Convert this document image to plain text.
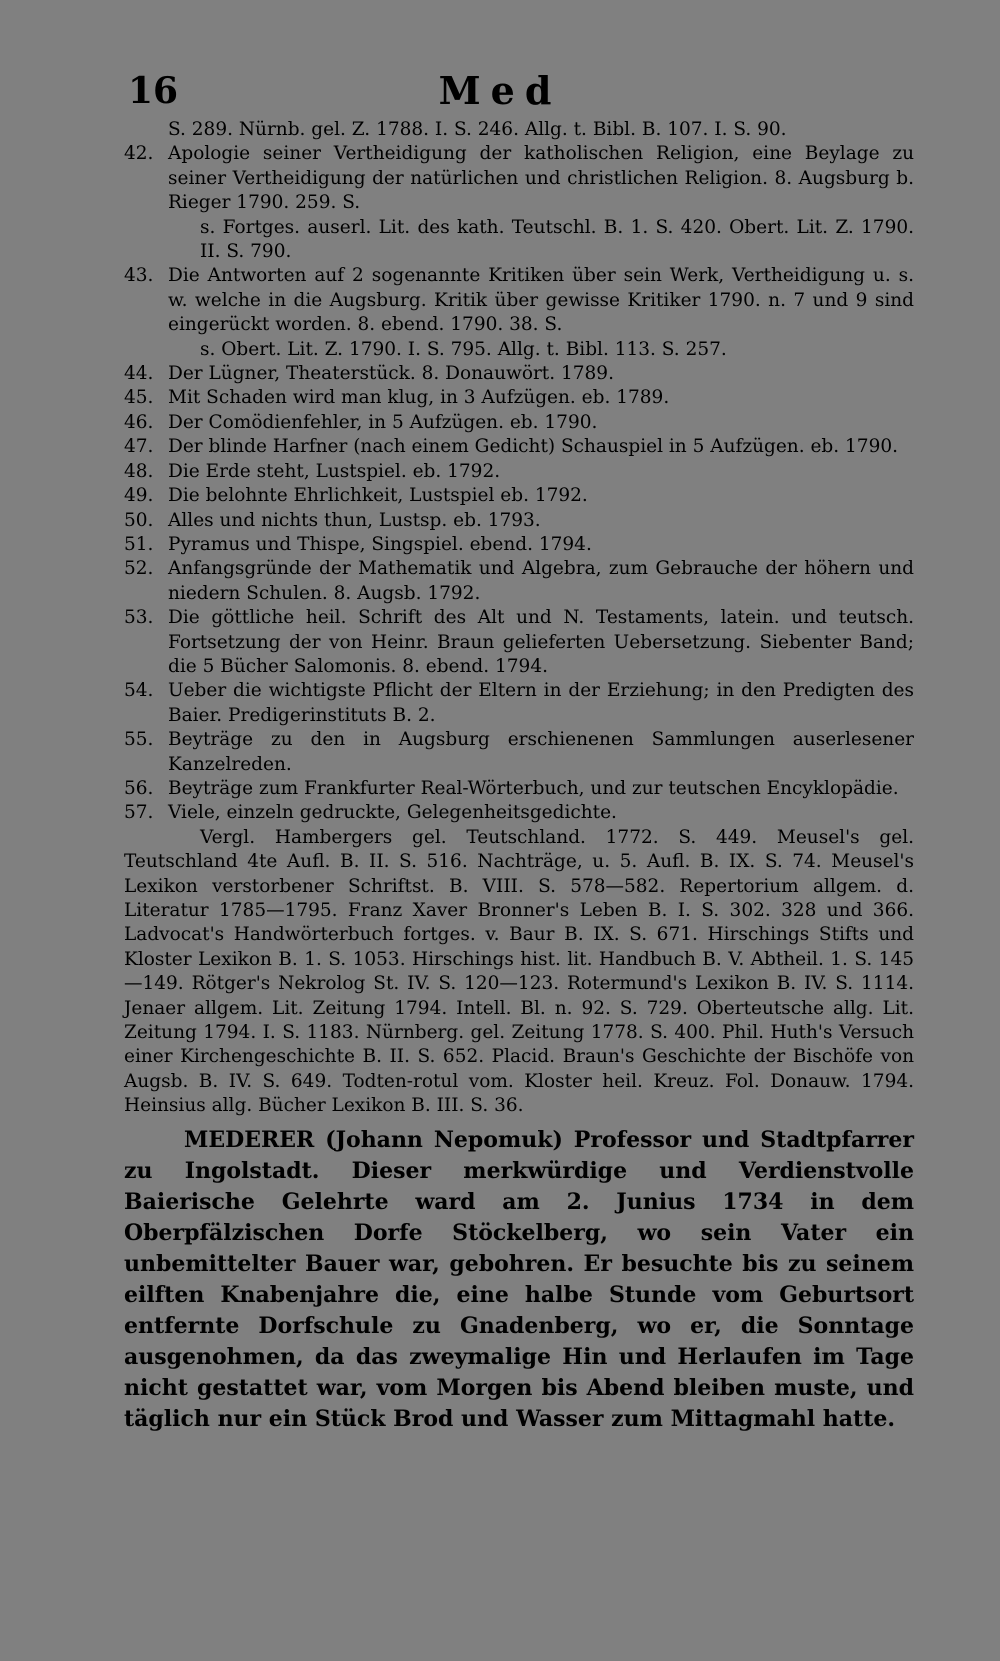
16	Med
S. 289. Nürnb. gel. Z. 1788. I. S. 246. Allg. t. Bibl. B. 107. I. S. 90.
42. Apologie seiner Vertheidigung der katholischen Religion, eine Beylage zu seiner Vertheidigung der natürlichen und christlichen Religion. 8. Augsburg b. Rieger 1790. 259. S.
s. Fortges. auserl. Lit. des kath. Teutschl. B. 1. S. 420. Obert. Lit. Z. 1790. II. S. 790.
43. Die Antworten auf 2 sogenannte Kritiken über sein Werk, Vertheidigung u. s. w. welche in die Augsburg. Kritik über gewisse Kritiker 1790. n. 7 und 9 sind eingerückt worden. 8. ebend. 1790. 38. S.
s. Obert. Lit. Z. 1790. I. S. 795. Allg. t. Bibl. 113. S. 257.
44. Der Lügner, Theaterstück. 8. Donauwört. 1789.
45. Mit Schaden wird man klug, in 3 Aufzügen. eb. 1789.
46. Der Comödienfehler, in 5 Aufzügen. eb. 1790.
47. Der blinde Harfner (nach einem Gedicht) Schauspiel in 5 Aufzügen. eb. 1790.
48. Die Erde steht, Lustspiel. eb. 1792.
49. Die belohnte Ehrlichkeit, Lustspiel eb. 1792.
50. Alles und nichts thun, Lustsp. eb. 1793.
51. Pyramus und Thispe, Singspiel. ebend. 1794.
52. Anfangsgründe der Mathematik und Algebra, zum Gebrauche der höhern und niedern Schulen. 8. Augsb. 1792.
53. Die göttliche heil. Schrift des Alt und N. Testaments, latein. und teutsch. Fortsetzung der von Heinr. Braun gelieferten Uebersetzung. Siebenter Band; die 5 Bücher Salomonis. 8. ebend. 1794.
54. Ueber die wichtigste Pflicht der Eltern in der Erziehung; in den Predigten des Baier. Predigerinstituts B. 2.
55. Beyträge zu den in Augsburg erschienenen Sammlungen auserlesener Kanzelreden.
56. Beyträge zum Frankfurter Real-Wörterbuch, und zur teutschen Encyklopädie.
57. Viele, einzeln gedruckte, Gelegenheitsgedichte.
Vergl. Hambergers gel. Teutschland. 1772. S. 449. Meusel's gel. Teutschland 4te Aufl. B. II. S. 516. Nachträge, u. 5. Aufl. B. IX. S. 74. Meusel's Lexikon verstorbener Schriftst. B. VIII. S. 578—582. Repertorium allgem. d. Literatur 1785—1795. Franz Xaver Bronner's Leben B. I. S. 302. 328 und 366. Ladvocat's Handwörterbuch fortges. v. Baur B. IX. S. 671. Hirschings Stifts und Kloster Lexikon B. 1. S. 1053. Hirschings hist. lit. Handbuch B. V. Abtheil. 1. S. 145—149. Rötger's Nekrolog St. IV. S. 120—123. Rotermund's Lexikon B. IV. S. 1114. Jenaer allgem. Lit. Zeitung 1794. Intell. Bl. n. 92. S. 729. Oberteutsche allg. Lit. Zeitung 1794. I. S. 1183. Nürnberg. gel. Zeitung 1778. S. 400. Phil. Huth's Versuch einer Kirchengeschichte B. II. S. 652. Placid. Braun's Geschichte der Bischöfe von Augsb. B. IV. S. 649. Todten-rotul vom. Kloster heil. Kreuz. Fol. Donauw. 1794. Heinsius allg. Bücher Lexikon B. III. S. 36.
MEDERER (Johann Nepomuk) Professor und Stadtpfarrer zu Ingolstadt. Dieser merkwürdige und Verdienstvolle Baierische Gelehrte ward am 2. Junius 1734 in dem Oberpfälzischen Dorfe Stöckelberg, wo sein Vater ein unbemittelter Bauer war, gebohren. Er besuchte bis zu seinem eilften Knabenjahre die, eine halbe Stunde vom Geburtsort entfernte Dorfschule zu Gnadenberg, wo er, die Sonntage ausgenohmen, da das zweymalige Hin und Herlaufen im Tage nicht gestattet war, vom Morgen bis Abend bleiben muste, und täglich nur ein Stück Brod und Wasser zum Mittagmahl hatte.
